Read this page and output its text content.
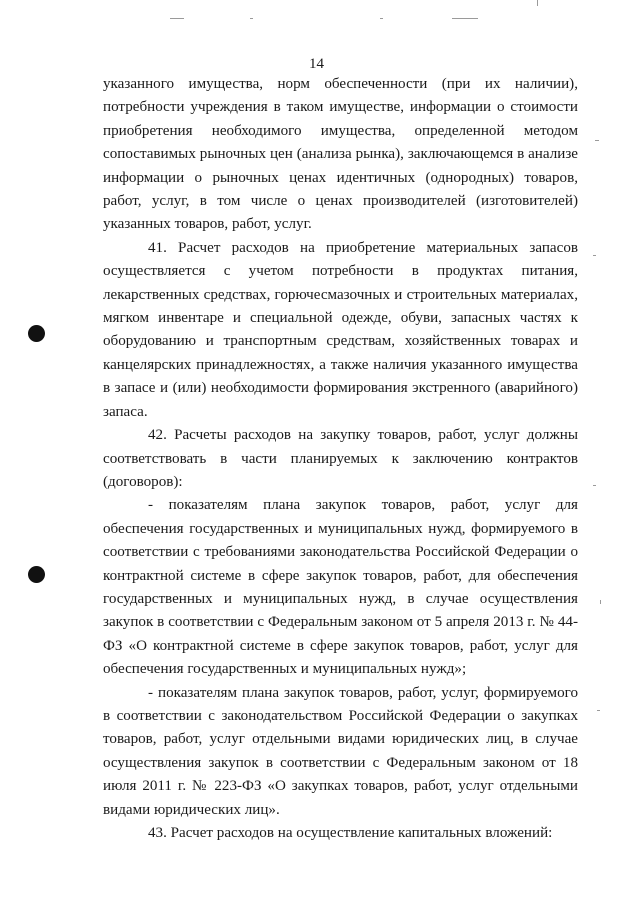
14

указанного имущества, норм обеспеченности (при их наличии), потребности учреждения в таком имуществе, информации о стоимости приобретения необходимого имущества, определенной методом сопоставимых рыночных цен (анализа рынка), заключающемся в анализе информации о рыночных ценах идентичных (однородных) товаров, работ, услуг, в том числе о ценах производителей (изготовителей) указанных товаров, работ, услуг.

41. Расчет расходов на приобретение материальных запасов осуществляется с учетом потребности в продуктах питания, лекарственных средствах, горючесмазочных и строительных материалах, мягком инвентаре и специальной одежде, обуви, запасных частях к оборудованию и транспортным средствам, хозяйственных товарах и канцелярских принадлежностях, а также наличия указанного имущества в запасе и (или) необходимости формирования экстренного (аварийного) запаса.

42. Расчеты расходов на закупку товаров, работ, услуг должны соответствовать в части планируемых к заключению контрактов (договоров):

- показателям плана закупок товаров, работ, услуг для обеспечения государственных и муниципальных нужд, формируемого в соответствии с требованиями законодательства Российской Федерации о контрактной системе в сфере закупок товаров, работ, для обеспечения государственных и муниципальных нужд, в случае осуществления закупок в соответствии с Федеральным законом от 5 апреля 2013 г. № 44-ФЗ «О контрактной системе в сфере закупок товаров, работ, услуг для обеспечения государственных и муниципальных нужд»;

- показателям плана закупок товаров, работ, услуг, формируемого в соответствии с законодательством Российской Федерации о закупках товаров, работ, услуг отдельными видами юридических лиц, в случае осуществления закупок в соответствии с Федеральным законом от 18 июля 2011 г. № 223-ФЗ «О закупках товаров, работ, услуг отдельными видами юридических лиц».

43. Расчет расходов на осуществление капитальных вложений:
